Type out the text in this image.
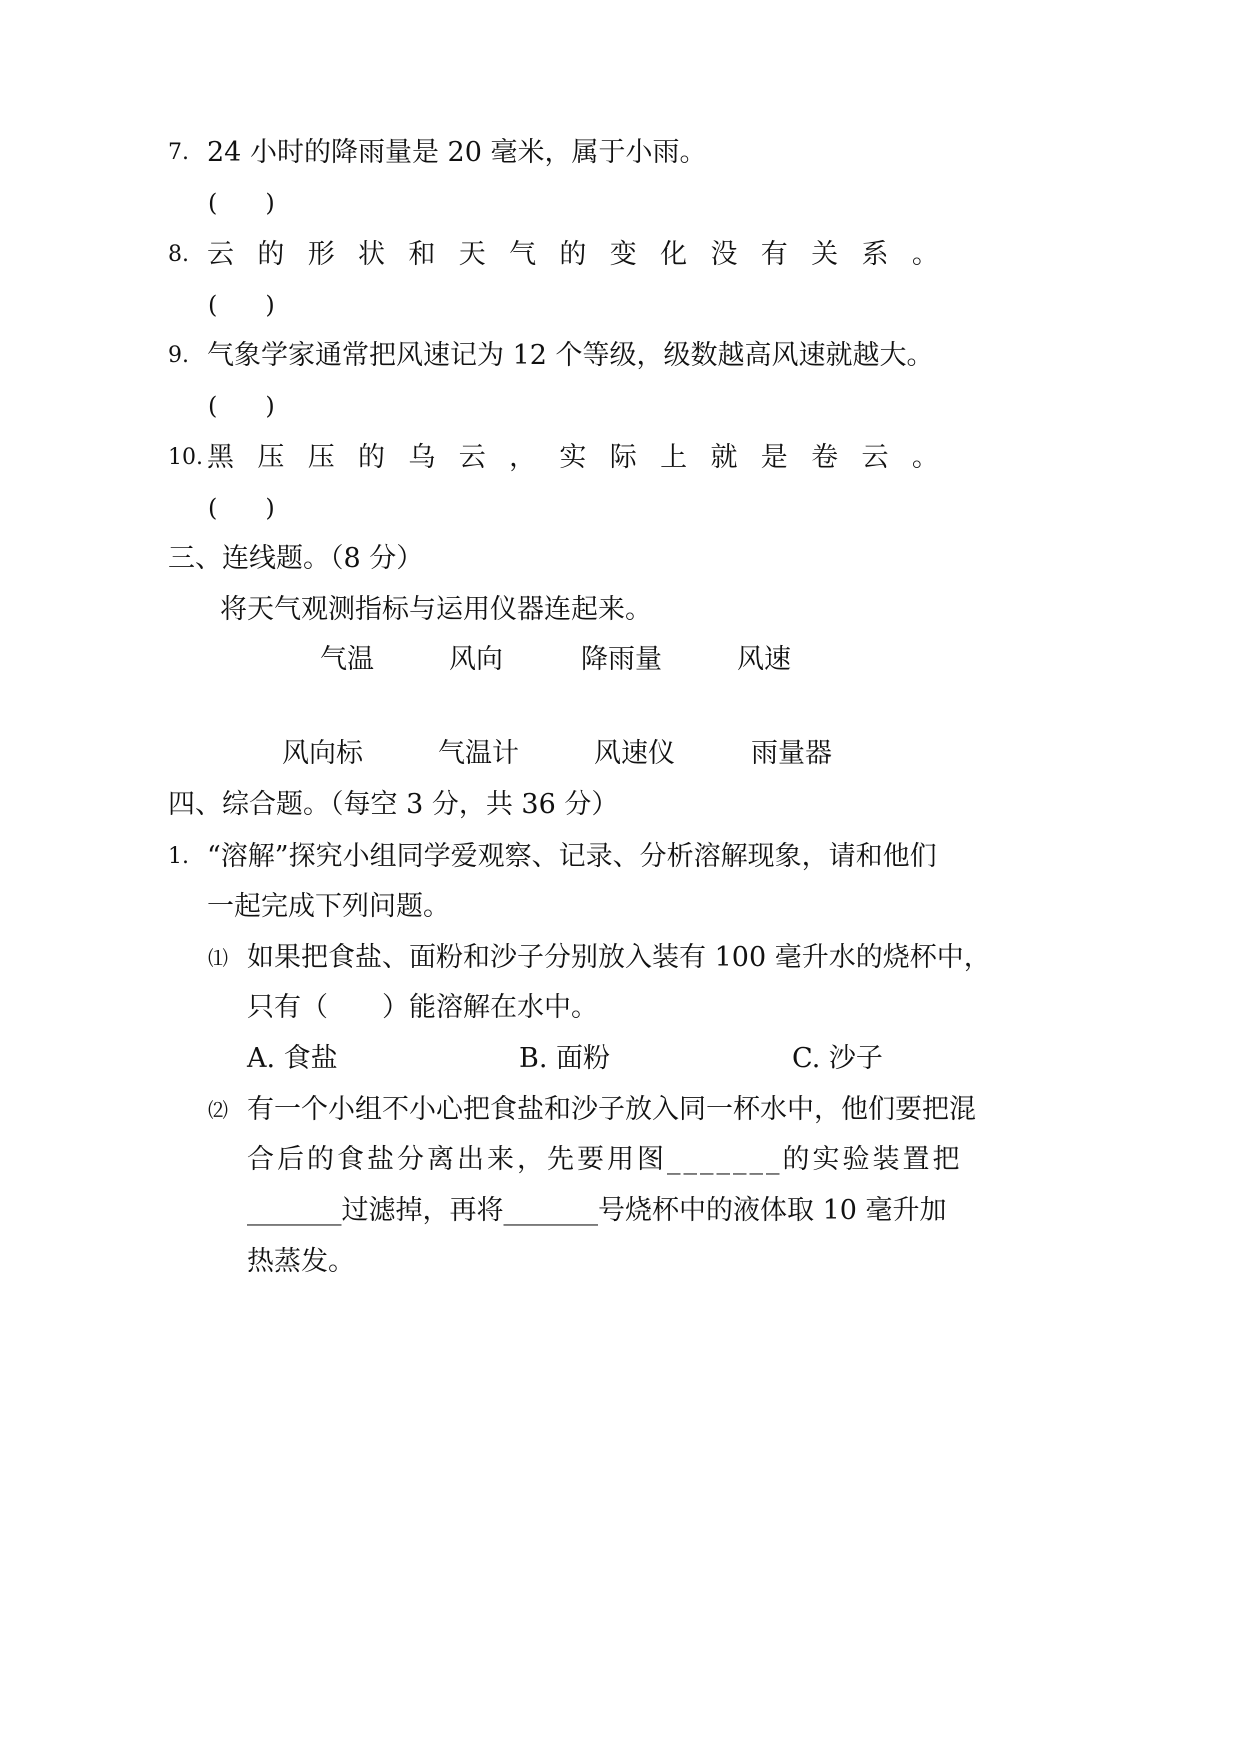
7. 24 小时的降雨量是 20 毫米，属于小雨。
(　　)
8. 云 的 形 状 和 天 气 的 变 化 没 有 关 系 。
(　　)
9. 气象学家通常把风速记为 12 个等级，级数越高风速就越大。
(　　)
10. 黑 压 压 的 乌 云 ， 实 际 上 就 是 卷 云 。
(　　)
三、连线题。（8 分）
将天气观测指标与运用仪器连起来。
气温	风向	降雨量	风速
风向标	气温计	风速仪	雨量器
四、综合题。（每空 3 分，共 36 分）
1. “溶解”探究小组同学爱观察、记录、分析溶解现象，请和他们
一起完成下列问题。
⑴ 如果把食盐、面粉和沙子分别放入装有 100 毫升水的烧杯中，
只有（　　）能溶解在水中。
A. 食盐	B. 面粉	C. 沙子
⑵ 有一个小组不小心把食盐和沙子放入同一杯水中，他们要把混
合后的食盐分离出来，先要用图_______的实验装置把
_______过滤掉，再将_______号烧杯中的液体取 10 毫升加
热蒸发。
